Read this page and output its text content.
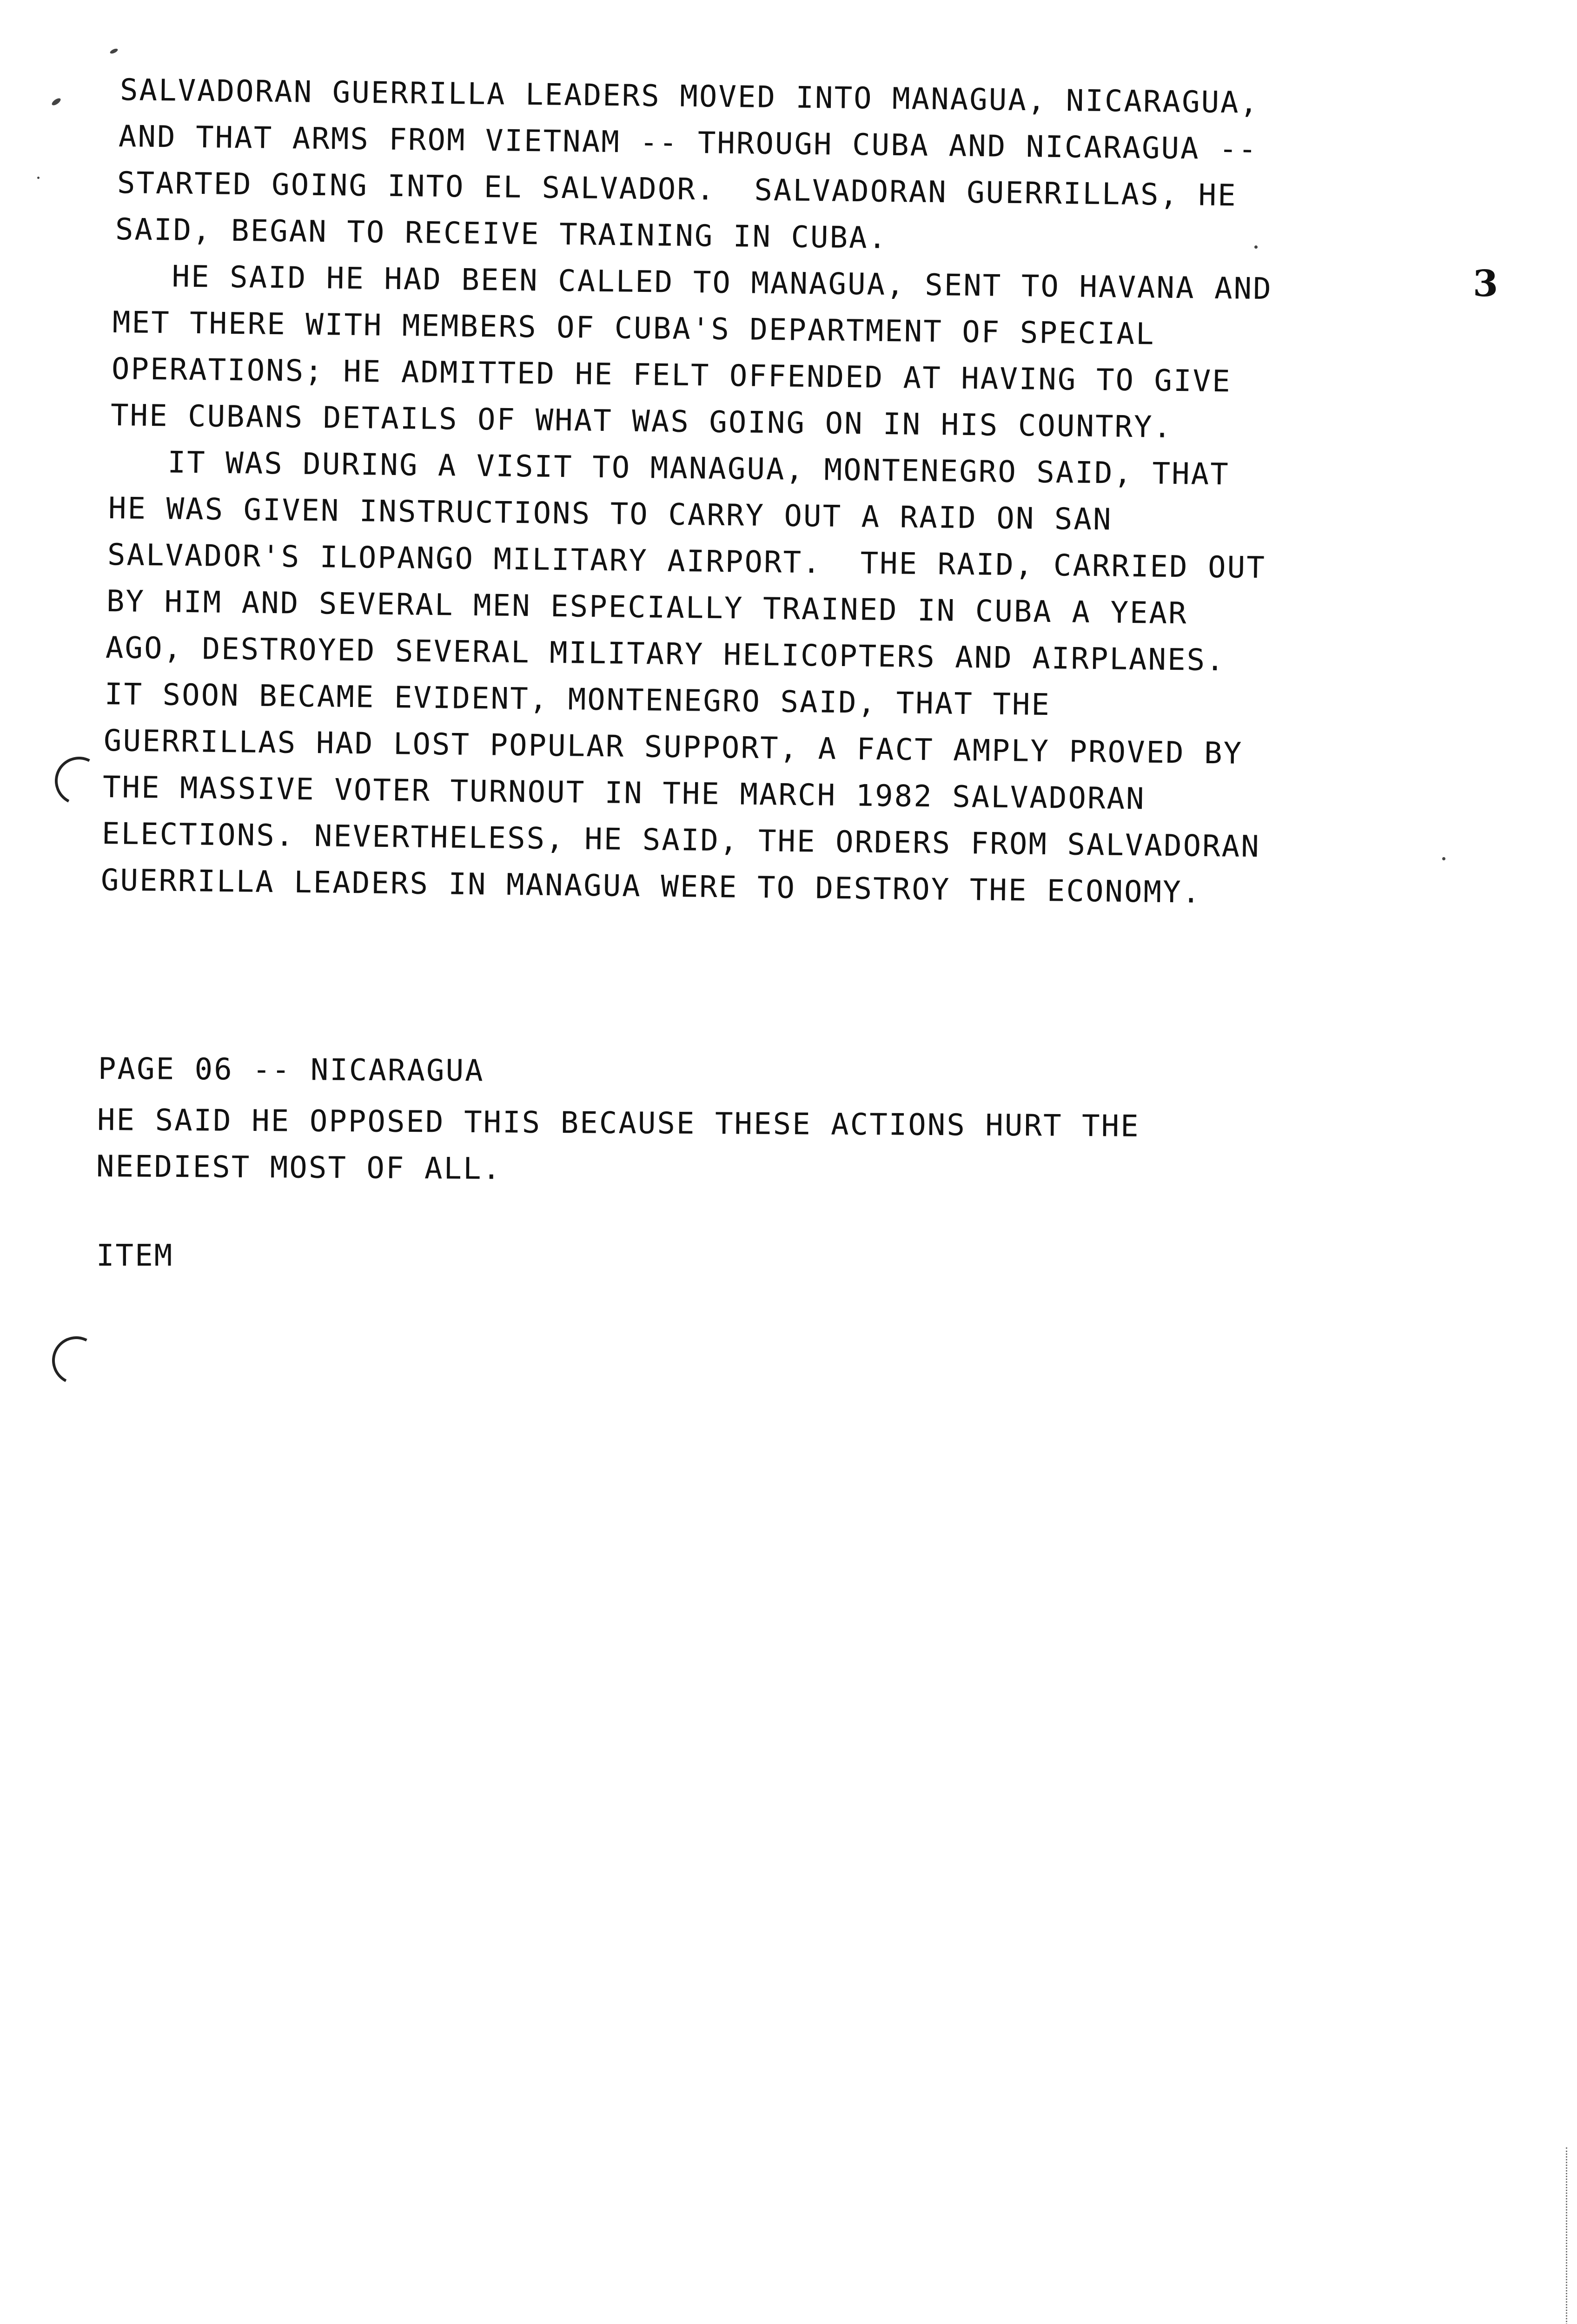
SALVADORAN GUERRILLA LEADERS MOVED INTO MANAGUA, NICARAGUA,
AND THAT ARMS FROM VIETNAM -- THROUGH CUBA AND NICARAGUA --
STARTED GOING INTO EL SALVADOR.  SALVADORAN GUERRILLAS, HE
SAID, BEGAN TO RECEIVE TRAINING IN CUBA.
HE SAID HE HAD BEEN CALLED TO MANAGUA, SENT TO HAVANA AND
MET THERE WITH MEMBERS OF CUBA'S DEPARTMENT OF SPECIAL
OPERATIONS; HE ADMITTED HE FELT OFFENDED AT HAVING TO GIVE
THE CUBANS DETAILS OF WHAT WAS GOING ON IN HIS COUNTRY.
IT WAS DURING A VISIT TO MANAGUA, MONTENEGRO SAID, THAT
HE WAS GIVEN INSTRUCTIONS TO CARRY OUT A RAID ON SAN
SALVADOR'S ILOPANGO MILITARY AIRPORT.  THE RAID, CARRIED OUT
BY HIM AND SEVERAL MEN ESPECIALLY TRAINED IN CUBA A YEAR
AGO, DESTROYED SEVERAL MILITARY HELICOPTERS AND AIRPLANES.
IT SOON BECAME EVIDENT, MONTENEGRO SAID, THAT THE
GUERRILLAS HAD LOST POPULAR SUPPORT, A FACT AMPLY PROVED BY
THE MASSIVE VOTER TURNOUT IN THE MARCH 1982 SALVADORAN
ELECTIONS. NEVERTHELESS, HE SAID, THE ORDERS FROM SALVADORAN
GUERRILLA LEADERS IN MANAGUA WERE TO DESTROY THE ECONOMY.
PAGE 06 -- NICARAGUA
HE SAID HE OPPOSED THIS BECAUSE THESE ACTIONS HURT THE
NEEDIEST MOST OF ALL.
ITEM
3
